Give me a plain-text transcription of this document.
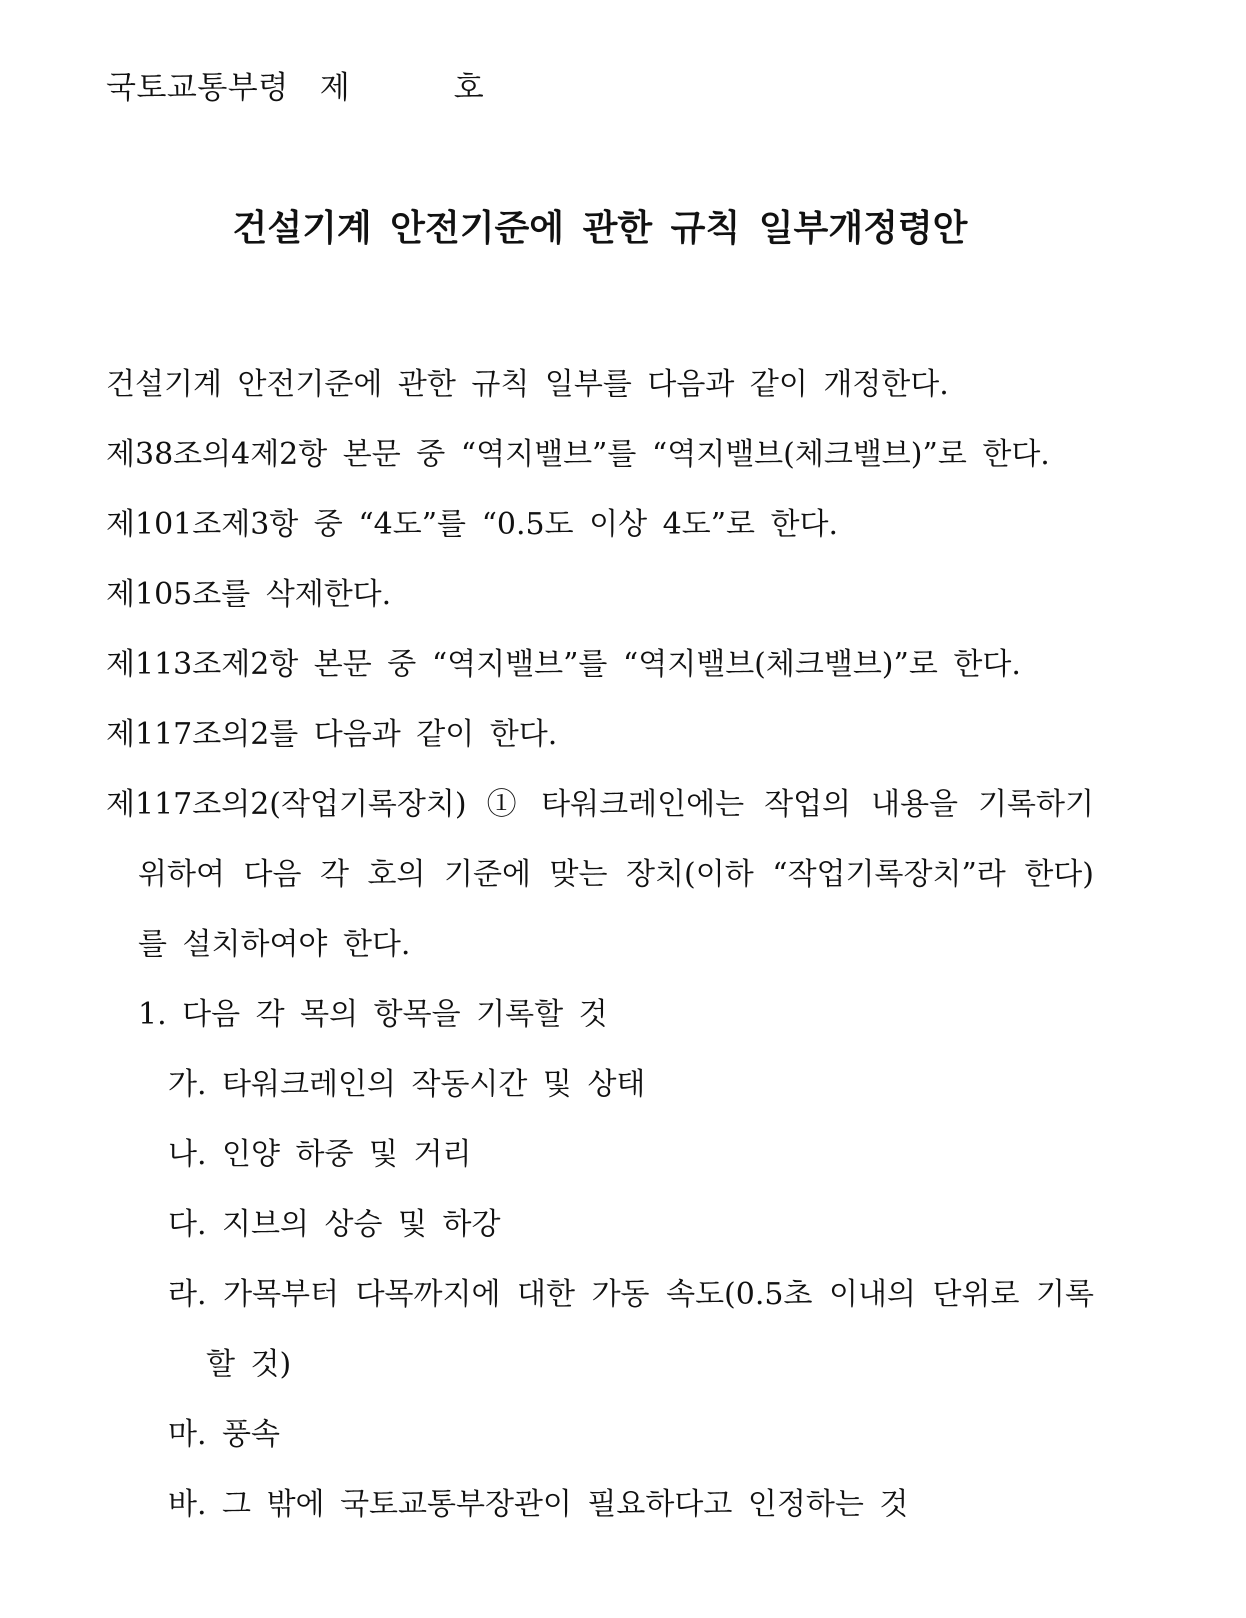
국토교통부령   제          호
건설기계 안전기준에 관한 규칙 일부개정령안
건설기계 안전기준에 관한 규칙 일부를 다음과 같이 개정한다.
제38조의4제2항 본문 중 “역지밸브”를 “역지밸브(체크밸브)”로 한다.
제101조제3항 중 “4도”를 “0.5도 이상 4도”로 한다.
제105조를 삭제한다.
제113조제2항 본문 중 “역지밸브”를 “역지밸브(체크밸브)”로 한다.
제117조의2를 다음과 같이 한다.
제117조의2(작업기록장치) ① 타워크레인에는 작업의 내용을 기록하기
위하여 다음 각 호의 기준에 맞는 장치(이하 “작업기록장치”라 한다)
를 설치하여야 한다.
1. 다음 각 목의 항목을 기록할 것
가. 타워크레인의 작동시간 및 상태
나. 인양 하중 및 거리
다. 지브의 상승 및 하강
라. 가목부터 다목까지에 대한 가동 속도(0.5초 이내의 단위로 기록
할 것)
마. 풍속
바. 그 밖에 국토교통부장관이 필요하다고 인정하는 것
